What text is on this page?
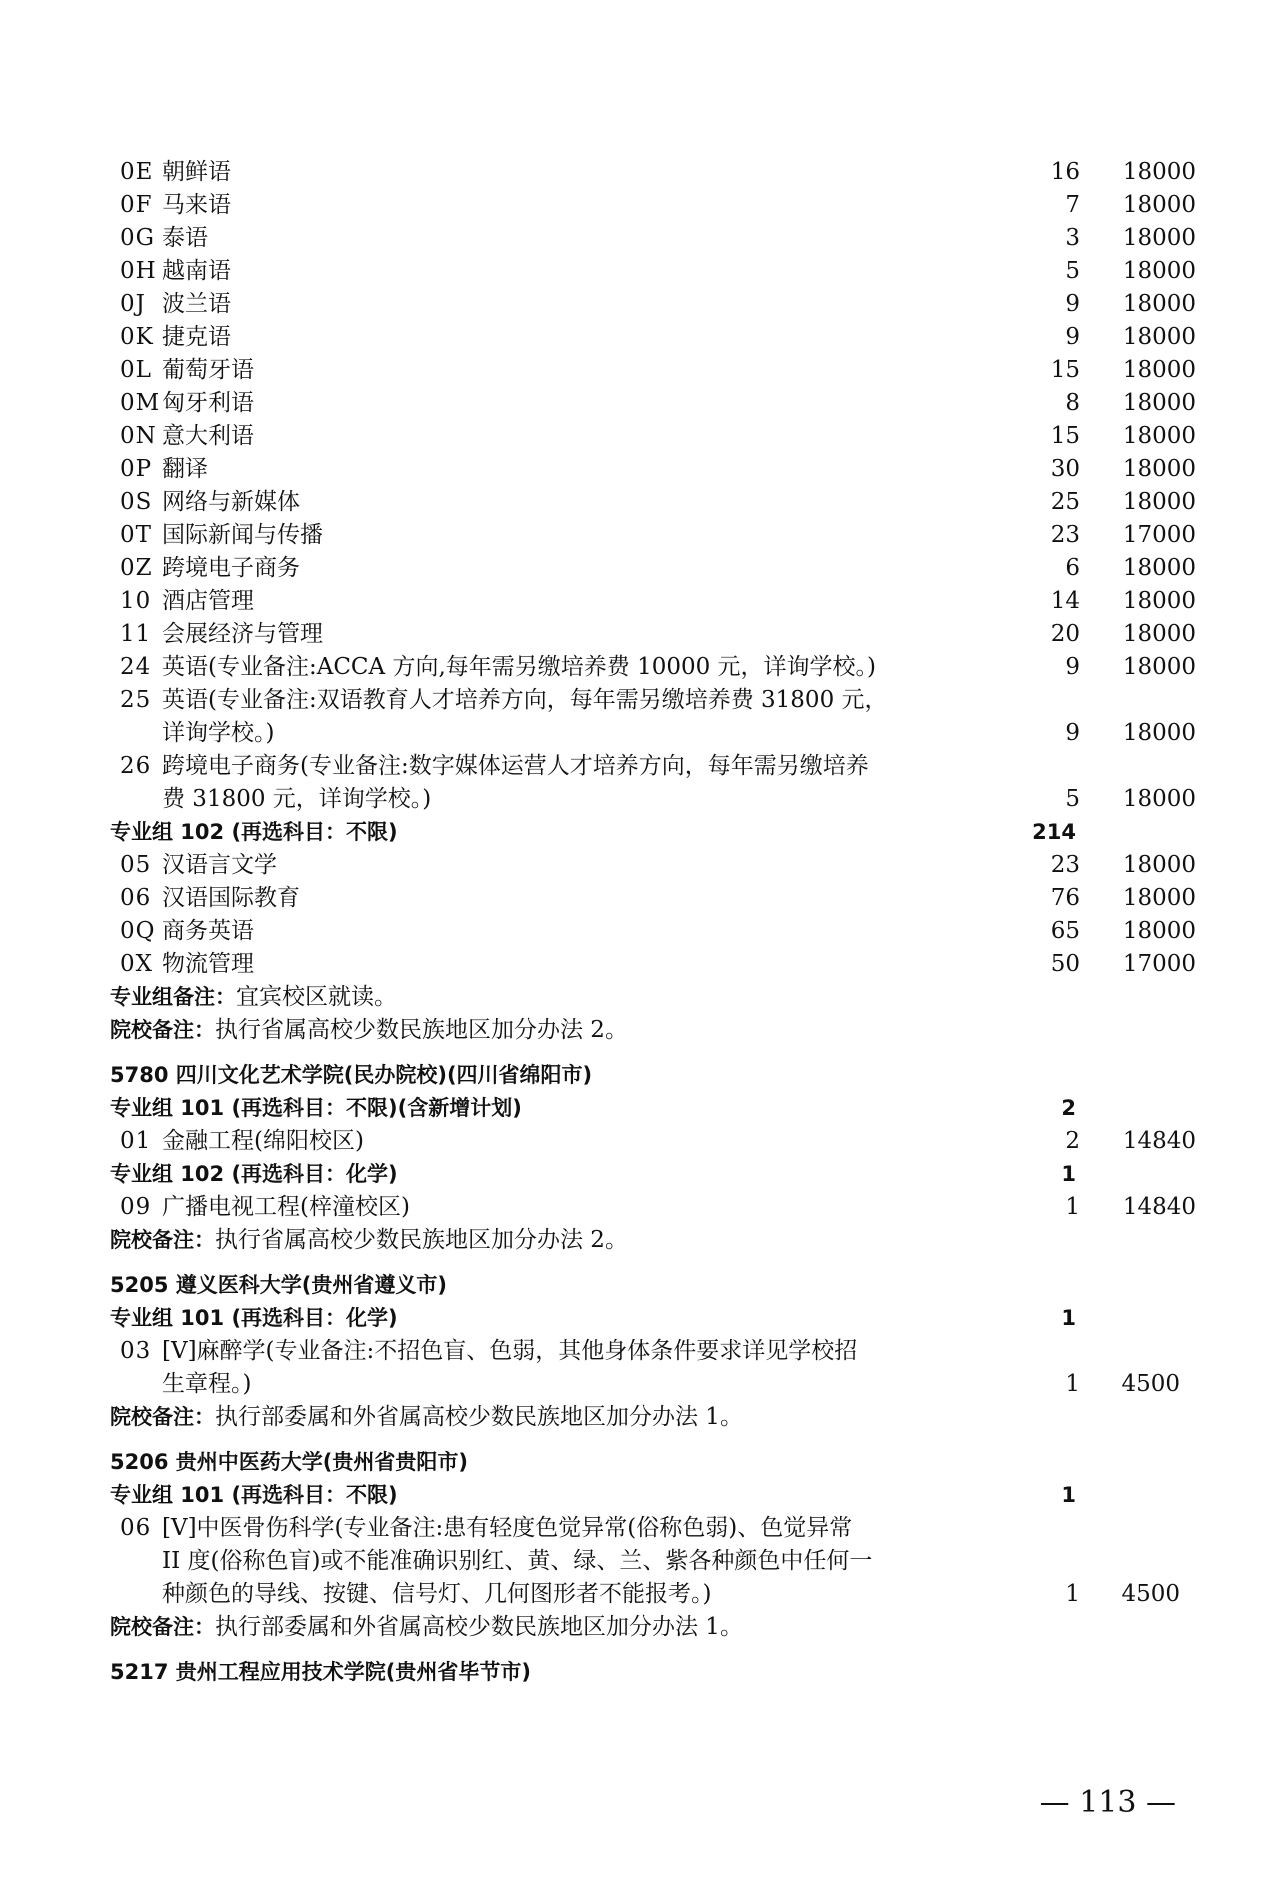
0E 朝鲜语	16 18000
0F 马来语	7 18000
0G 泰语	3 18000
0H 越南语	5 18000
0J 波兰语	9 18000
0K 捷克语	9 18000
0L 葡萄牙语	15 18000
0M 匈牙利语	8 18000
0N 意大利语	15 18000
0P 翻译	30 18000
0S 网络与新媒体	25 18000
0T 国际新闻与传播	23 17000
0Z 跨境电子商务	6 18000
10 酒店管理	14 18000
11 会展经济与管理	20 18000
24 英语(专业备注:ACCA 方向,每年需另缴培养费 10000 元，详询学校。)	9 18000
25 英语(专业备注:双语教育人才培养方向，每年需另缴培养费 31800 元，
详询学校。)	9 18000
26 跨境电子商务(专业备注:数字媒体运营人才培养方向，每年需另缴培养
费 31800 元，详询学校。)	5 18000
专业组 102 (再选科目：不限)	214
05 汉语言文学	23 18000
06 汉语国际教育	76 18000
0Q 商务英语	65 18000
0X 物流管理	50 17000
专业组备注：宜宾校区就读。
院校备注：执行省属高校少数民族地区加分办法 2。
5780 四川文化艺术学院(民办院校)(四川省绵阳市)
专业组 101 (再选科目：不限)(含新增计划)	2
01 金融工程(绵阳校区)	2 14840
专业组 102 (再选科目：化学)	1
09 广播电视工程(梓潼校区)	1 14840
院校备注：执行省属高校少数民族地区加分办法 2。
5205 遵义医科大学(贵州省遵义市)
专业组 101 (再选科目：化学)	1
03 [V]麻醉学(专业备注:不招色盲、色弱，其他身体条件要求详见学校招
生章程。)	1 4500
院校备注：执行部委属和外省属高校少数民族地区加分办法 1。
5206 贵州中医药大学(贵州省贵阳市)
专业组 101 (再选科目：不限)	1
06 [V]中医骨伤科学(专业备注:患有轻度色觉异常(俗称色弱)、色觉异常
II 度(俗称色盲)或不能准确识别红、黄、绿、兰、紫各种颜色中任何一
种颜色的导线、按键、信号灯、几何图形者不能报考。)	1 4500
院校备注：执行部委属和外省属高校少数民族地区加分办法 1。
5217 贵州工程应用技术学院(贵州省毕节市)
— 113 —
